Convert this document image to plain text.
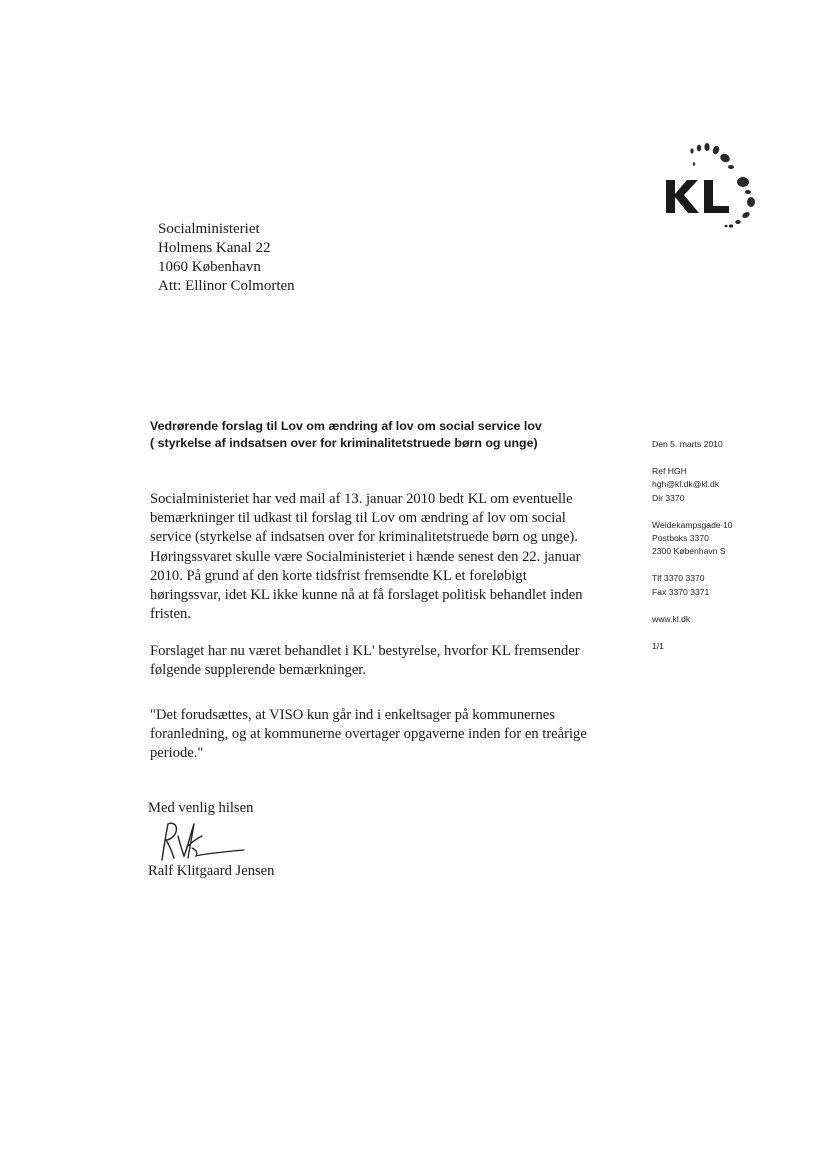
Socialministeriet
Holmens Kanal 22
1060 København
Att: Ellinor Colmorten
Vedrørende forslag til Lov om ændring af lov om social service lov
( styrkelse af indsatsen over for kriminalitetstruede børn og unge)	Den 5. marts 2010
Ref HGH
hgh@kl.dk@kl.dk
Dir 3370
Weidekampsgade 10
Postboks 3370
2300 København S
Tlf 3370 3370
Fax 3370 3371
www.kl.dk
1/1
Socialministeriet har ved mail af 13. januar 2010 bedt KL om eventuelle
bemærkninger til udkast til forslag til Lov om ændring af lov om social
service (styrkelse af indsatsen over for kriminalitetstruede børn og unge).
Høringssvaret skulle være Socialministeriet i hænde senest den 22. januar
2010. På grund af den korte tidsfrist fremsendte KL et foreløbigt
høringssvar, idet KL ikke kunne nå at få forslaget politisk behandlet inden
fristen.
Forslaget har nu været behandlet i KL' bestyrelse, hvorfor KL fremsender
følgende supplerende bemærkninger.
"Det forudsættes, at VISO kun går ind i enkeltsager på kommunernes
foranledning, og at kommunerne overtager opgaverne inden for en treårige
periode."
Med venlig hilsen
Ralf Klitgaard Jensen
